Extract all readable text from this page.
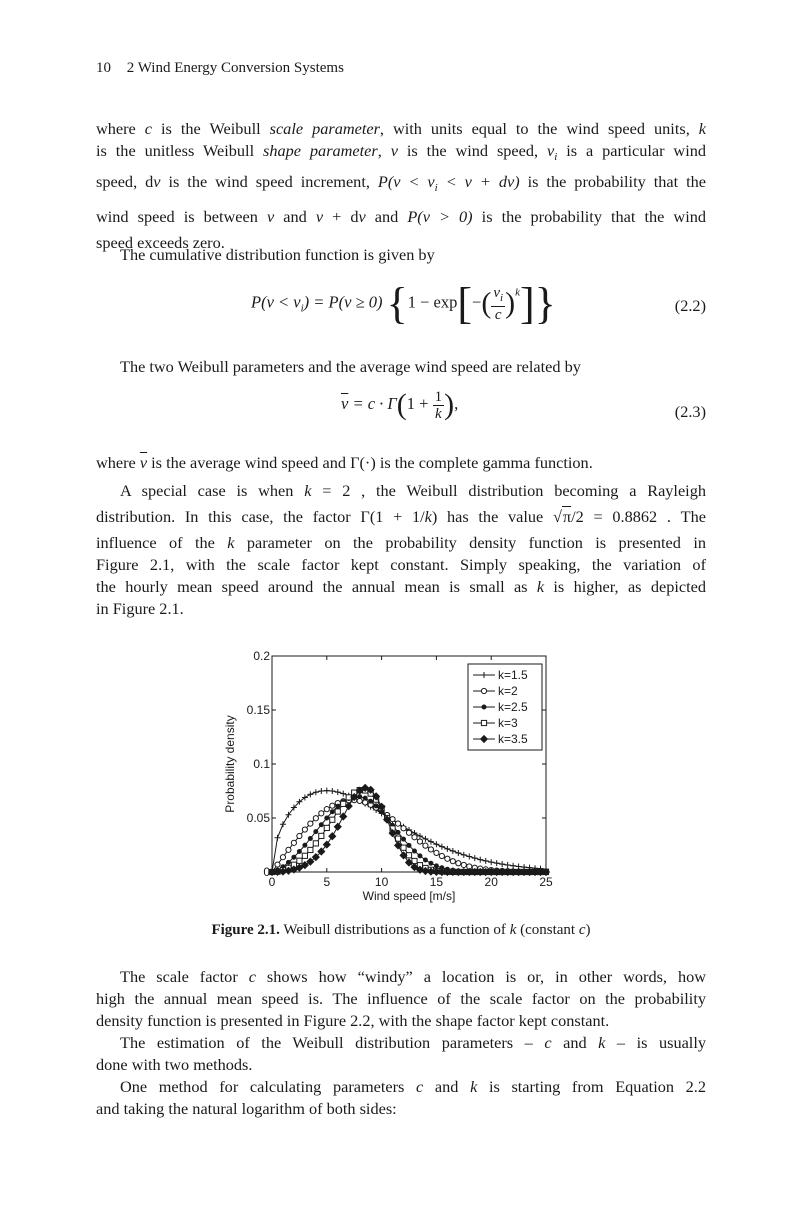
10 2 Wind Energy Conversion Systems
where c is the Weibull scale parameter, with units equal to the wind speed units, k
is the unitless Weibull shape parameter, v is the wind speed, $v_i$ is a particular wind
speed, dv is the wind speed increment, $P(v < v_i < v + dv)$ is the probability that the
wind speed is between v and v + dv and P(v > 0) is the probability that the wind
speed exceeds zero.
The cumulative distribution function is given by
$P(v < v_i) = P(v \ge 0)$ $\{1 - \exp[-( \frac{v_i}{c} )^k]\}$	(2.2)
The two Weibull parameters and the average wind speed are related by
$\overline{v} = c \cdot \Gamma(1 + \frac{1}{k}$ ),	(2.3)
where $\overline{v}$ is the average wind speed and Γ(·) is the complete gamma function.
A special case is when k = 2 , the Weibull distribution becoming a Rayleigh
distribution. In this case, the factor Γ(1 + 1/k) has the value √π/2 = 0.8862 . The
influence of the k parameter on the probability density function is presented in
Figure 2.1, with the scale factor kept constant. Simply speaking, the variation of
the hourly mean speed around the annual mean is small as k is higher, as depicted
in Figure 2.1.
0	5	10	15	20	25
0
0.05
0.1
0.15
0.2
Wind speed [m/s]
Probability density
k=1.5
k=2
k=2.5
k=3
k=3.5
Figure 2.1. Weibull distributions as a function of k (constant c)
The scale factor c shows how “windy” a location is or, in other words, how
high the annual mean speed is. The influence of the scale factor on the probability
density function is presented in Figure 2.2, with the shape factor kept constant.
The estimation of the Weibull distribution parameters – c and k – is usually
done with two methods.
One method for calculating parameters c and k is starting from Equation 2.2
and taking the natural logarithm of both sides:
